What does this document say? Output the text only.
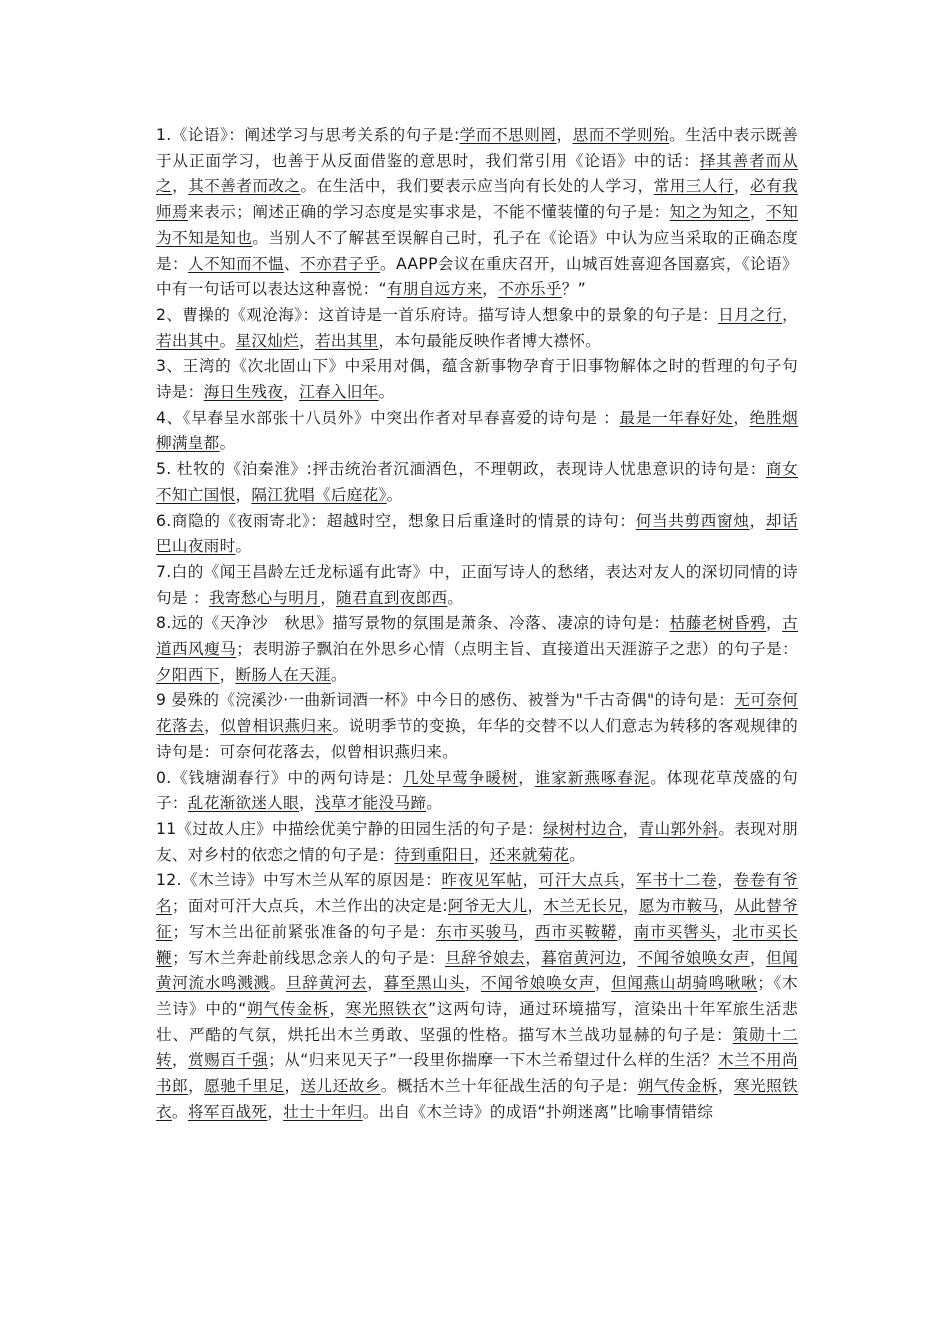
1.《论语》：阐述学习与思考关系的句子是:学而不思则罔，思而不学则殆。生活中表示既善于从正面学习，也善于从反面借鉴的意思时，我们常引用《论语》中的话：择其善者而从之，其不善者而改之。在生活中，我们要表示应当向有长处的人学习，常用三人行，必有我师焉来表示；阐述正确的学习态度是实事求是，不能不懂装懂的句子是：知之为知之，不知为不知是知也。当别人不了解甚至误解自己时，孔子在《论语》中认为应当采取的正确态度是：人不知而不愠、不亦君子乎。AAPP会议在重庆召开，山城百姓喜迎各国嘉宾，《论语》中有一句话可以表达这种喜悦：“有朋自远方来，不亦乐乎？”

2、曹操的《观沧海》：这首诗是一首乐府诗。描写诗人想象中的景象的句子是：日月之行，若出其中。星汉灿烂，若出其里，本句最能反映作者博大襟怀。

3、王湾的《次北固山下》中采用对偶，蕴含新事物孕育于旧事物解体之时的哲理的句子句诗是：海日生残夜，江春入旧年。

4、《早春呈水部张十八员外》中突出作者对早春喜爱的诗句是 ：最是一年春好处，绝胜烟柳满皇都。

5. 杜牧的《泊秦淮》:抨击统治者沉湎酒色，不理朝政，表现诗人忧患意识的诗句是：商女不知亡国恨，隔江犹唱《后庭花》。

6.商隐的《夜雨寄北》：超越时空，想象日后重逢时的情景的诗句：何当共剪西窗烛，却话巴山夜雨时。

7.白的《闻王昌龄左迁龙标遥有此寄》中，正面写诗人的愁绪，表达对友人的深切同情的诗句是 ：我寄愁心与明月，随君直到夜郎西。

8.远的《天净沙　秋思》描写景物的氛围是萧条、冷落、凄凉的诗句是：枯藤老树昏鸦，古道西风瘦马；表明游子飘泊在外思乡心情（点明主旨、直接道出天涯游子之悲）的句子是：夕阳西下，断肠人在天涯。

9 晏殊的《浣溪沙·一曲新词酒一杯》中今日的感伤、被誉为"千古奇偶"的诗句是：无可奈何花落去，似曾相识燕归来。说明季节的变换，年华的交替不以人们意志为转移的客观规律的诗句是：可奈何花落去，似曾相识燕归来。

0.《钱塘湖春行》中的两句诗是：几处早莺争暖树，谁家新燕啄春泥。体现花草茂盛的句子：乱花渐欲迷人眼，浅草才能没马蹄。

11《过故人庄》中描绘优美宁静的田园生活的句子是：绿树村边合，青山郭外斜。表现对朋友、对乡村的依恋之情的句子是：待到重阳日，还来就菊花。

12.《木兰诗》中写木兰从军的原因是：昨夜见军帖，可汗大点兵，军书十二卷，卷卷有爷名；面对可汗大点兵，木兰作出的决定是:阿爷无大儿，木兰无长兄，愿为市鞍马，从此替爷征；写木兰出征前紧张准备的句子是：东市买骏马，西市买鞍鞯，南市买辔头，北市买长鞭；写木兰奔赴前线思念亲人的句子是：旦辞爷娘去，暮宿黄河边，不闻爷娘唤女声，但闻黄河流水鸣溅溅。旦辞黄河去，暮至黑山头，不闻爷娘唤女声，但闻燕山胡骑鸣啾啾；《木兰诗》中的“朔气传金柝，寒光照铁衣”这两句诗，通过环境描写，渲染出十年军旅生活悲壮、严酷的气氛，烘托出木兰勇敢、坚强的性格。描写木兰战功显赫的句子是：策勋十二转，赏赐百千强；从“归来见天子”一段里你揣摩一下木兰希望过什么样的生活？木兰不用尚书郎，愿驰千里足，送儿还故乡。概括木兰十年征战生活的句子是：朔气传金柝，寒光照铁衣。将军百战死，壮士十年归。出自《木兰诗》的成语“扑朔迷离”比喻事情错综
